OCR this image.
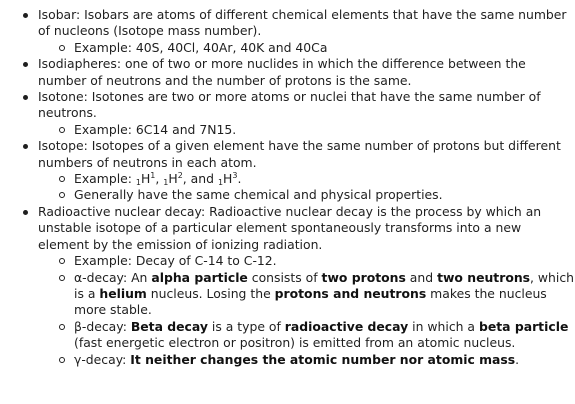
Isobar: Isobars are atoms of different chemical elements that have the same number of nucleons (Isotope mass number).
Example: 40S, 40Cl, 40Ar, 40K and 40Ca
Isodiapheres: one of two or more nuclides in which the difference between the number of neutrons and the number of protons is the same.
Isotone: Isotones are two or more atoms or nuclei that have the same number of neutrons.
Example: 6C14 and 7N15.
Isotope: Isotopes of a given element have the same number of protons but different numbers of neutrons in each atom.
Example: $_1H^1$, $_1H^2$, and $_1H^3$.
Generally have the same chemical and physical properties.
Radioactive nuclear decay: Radioactive nuclear decay is the process by which an unstable isotope of a particular element spontaneously transforms into a new element by the emission of ionizing radiation.
Example: Decay of C-14 to C-12.
α-decay: An alpha particle consists of two protons and two neutrons, which is a helium nucleus. Losing the protons and neutrons makes the nucleus more stable.
β-decay: Beta decay is a type of radioactive decay in which a beta particle (fast energetic electron or positron) is emitted from an atomic nucleus.
γ-decay: It neither changes the atomic number nor atomic mass.
